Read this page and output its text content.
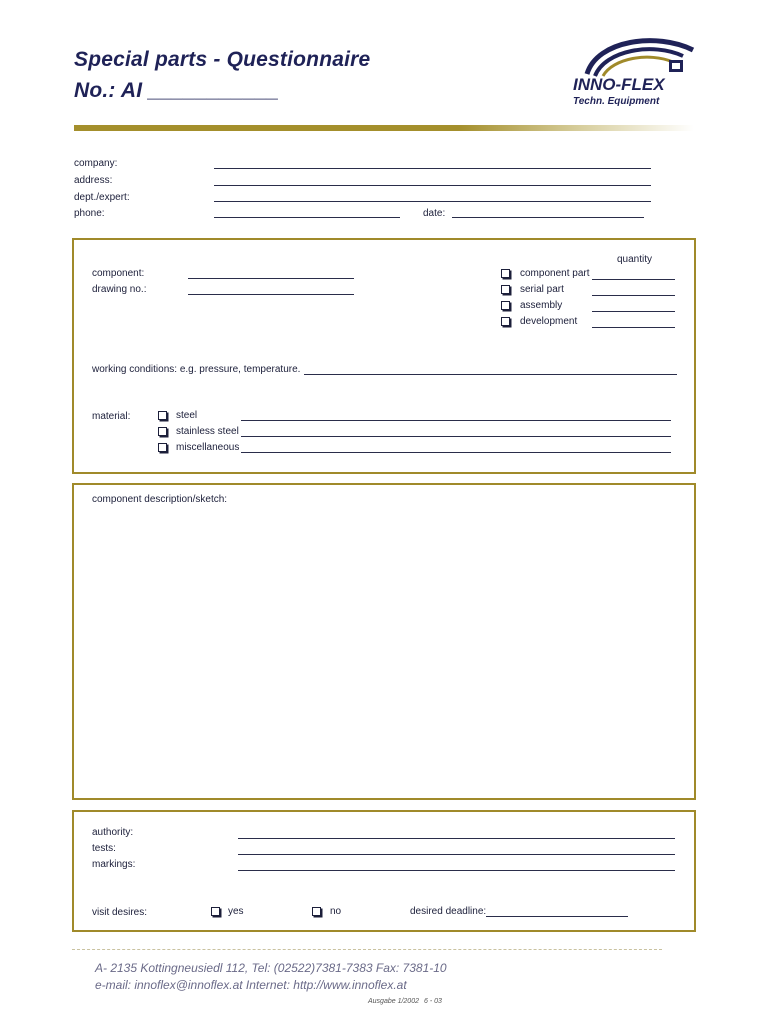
Special parts - Questionnaire
No.: AI ___________	INNO-FLEX
Techn. Equipment
company:
address:
dept./expert:
phone:	date:
quantity
component:
drawing no.:
component part
serial part
assembly
development
working conditions: e.g. pressure, temperature.
material:	steel
stainless steel
miscellaneous
component description/sketch:
authority:
tests:
markings:
visit desires:	yes	no	desired deadline:
A- 2135 Kottingneusiedl 112, Tel: (02522)7381-7383 Fax: 7381-10
e-mail: innoflex@innoflex.at Internet: http://www.innoflex.at
Ausgabe 1/2002 6 - 03
